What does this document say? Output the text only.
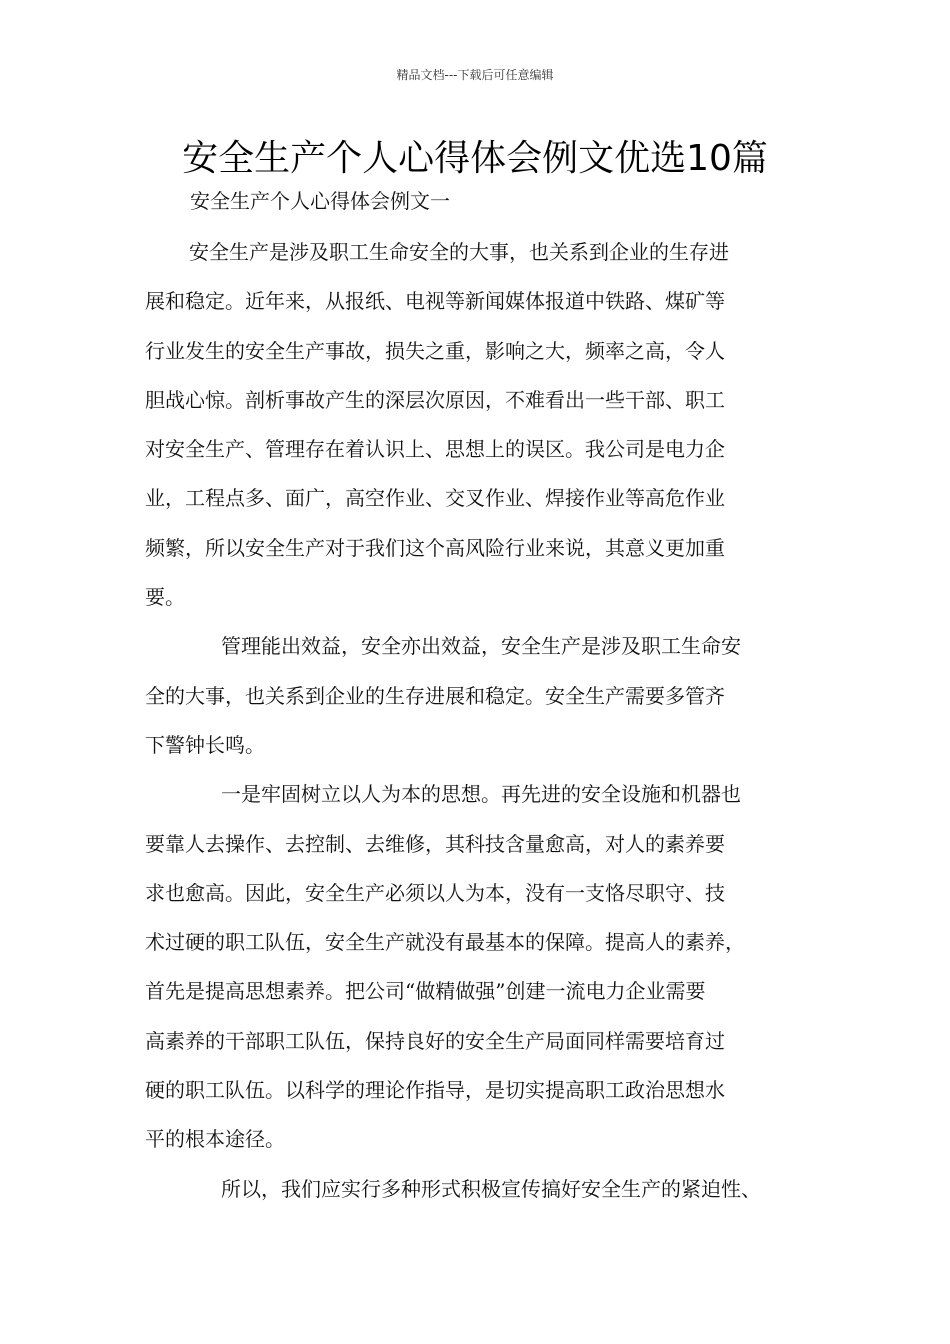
精品文档---下载后可任意编辑
安全生产个人心得体会例文优选10篇
安全生产个人心得体会例文一
安全生产是涉及职工生命安全的大事，也关系到企业的生存进
展和稳定。近年来，从报纸、电视等新闻媒体报道中铁路、煤矿等
行业发生的安全生产事故，损失之重，影响之大，频率之高，令人
胆战心惊。剖析事故产生的深层次原因，不难看出一些干部、职工
对安全生产、管理存在着认识上、思想上的误区。我公司是电力企
业，工程点多、面广，高空作业、交叉作业、焊接作业等高危作业
频繁，所以安全生产对于我们这个高风险行业来说，其意义更加重
要。
管理能出效益，安全亦出效益，安全生产是涉及职工生命安
全的大事，也关系到企业的生存进展和稳定。安全生产需要多管齐
下警钟长鸣。
一是牢固树立以人为本的思想。再先进的安全设施和机器也
要靠人去操作、去控制、去维修，其科技含量愈高，对人的素养要
求也愈高。因此，安全生产必须以人为本，没有一支恪尽职守、技
术过硬的职工队伍，安全生产就没有最基本的保障。提高人的素养，
首先是提高思想素养。把公司“做精做强”创建一流电力企业需要
高素养的干部职工队伍，保持良好的安全生产局面同样需要培育过
硬的职工队伍。以科学的理论作指导，是切实提高职工政治思想水
平的根本途径。
所以，我们应实行多种形式积极宣传搞好安全生产的紧迫性、
